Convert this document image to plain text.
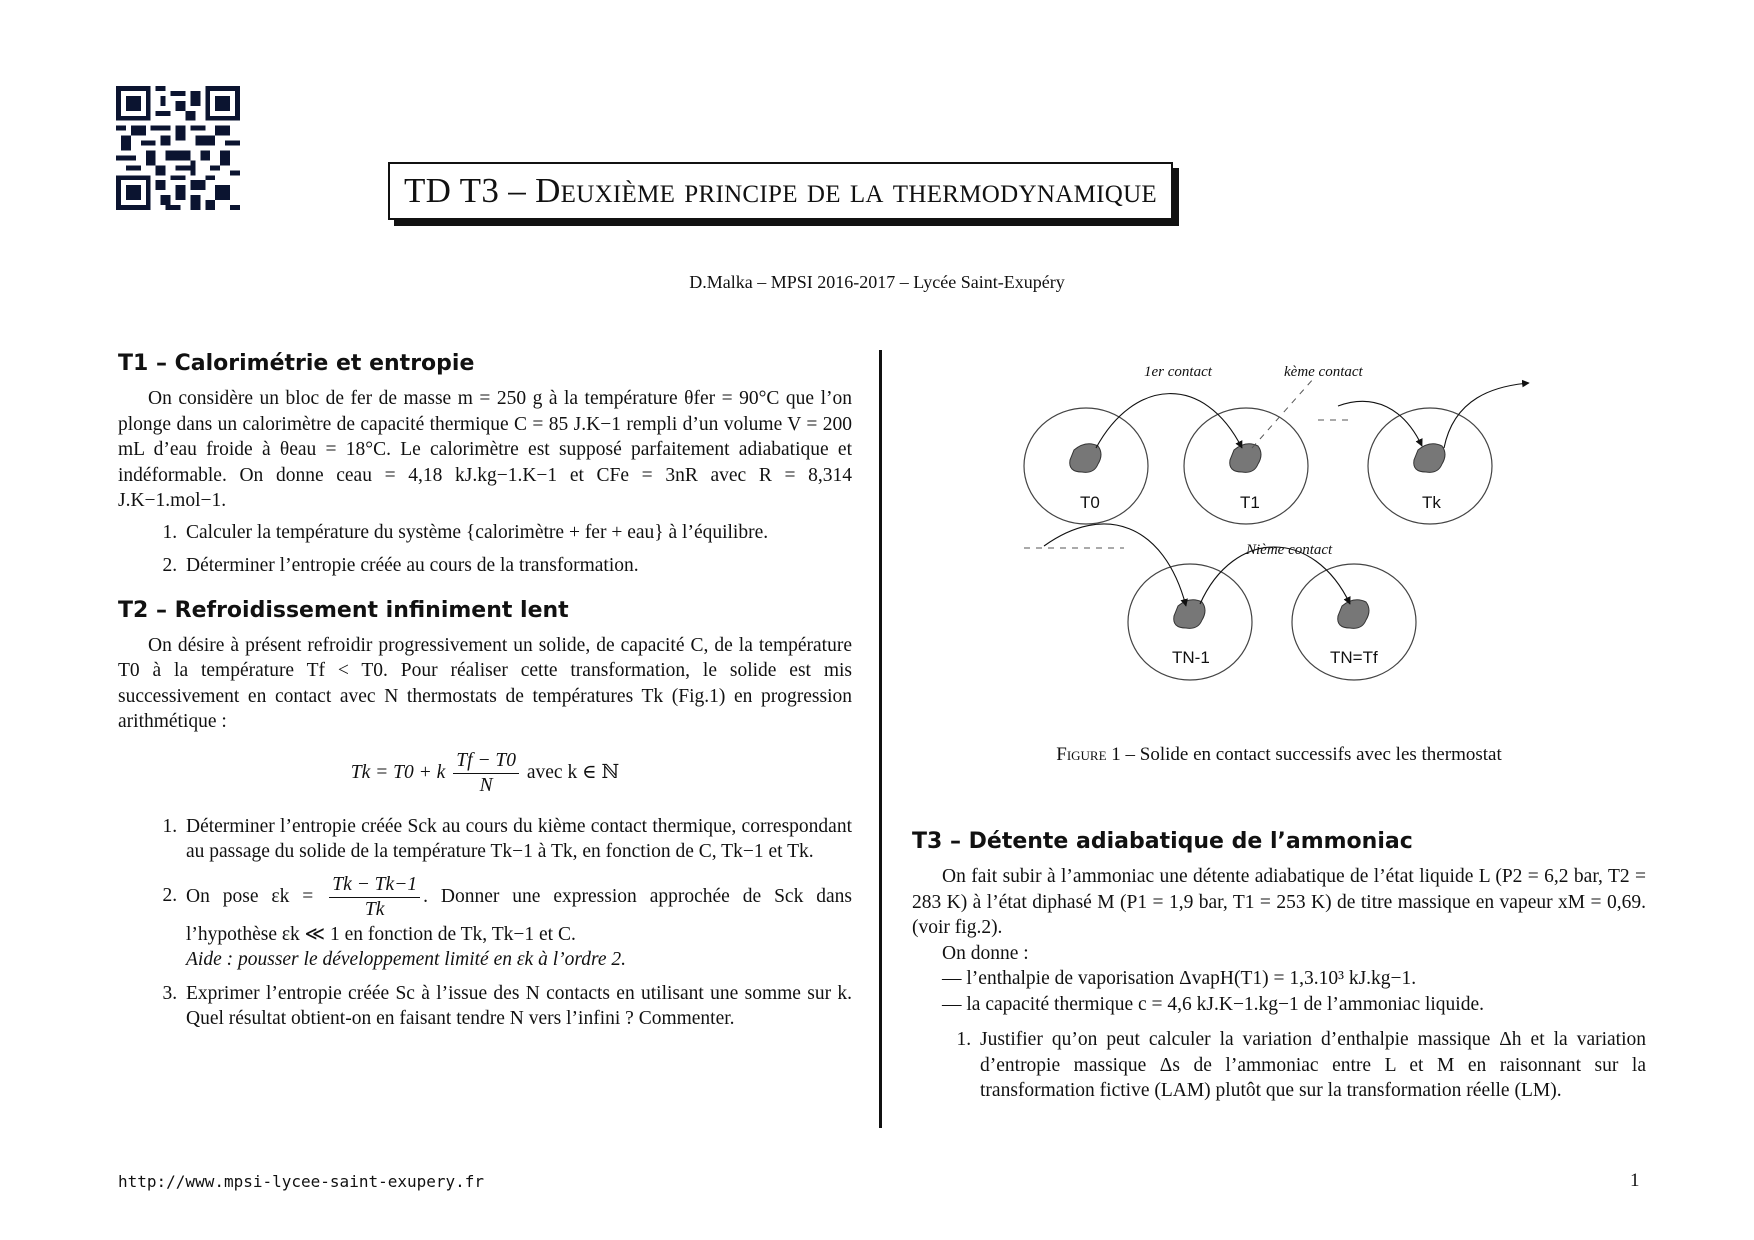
TD T3 – Deuxième principe de la thermodynamique
D.Malka – MPSI 2016-2017 – Lycée Saint-Exupéry
T1 – Calorimétrie et entropie

On considère un bloc de fer de masse m = 250 g à la température θfer = 90°C que l’on plonge dans un calorimètre de capacité thermique C = 85 J.K−1 rempli d’un volume V = 200 mL d’eau froide à θeau = 18°C. Le calorimètre est supposé parfaitement adiabatique et indéformable. On donne ceau = 4,18 kJ.kg−1.K−1 et CFe = 3nR avec R = 8,314 J.K−1.mol−1.

1. Calculer la température du système {calorimètre + fer + eau} à l’équilibre.
2. Déterminer l’entropie créée au cours de la transformation.
T2 – Refroidissement infiniment lent

On désire à présent refroidir progressivement un solide, de capacité C, de la température T0 à la température Tf < T0. Pour réaliser cette transformation, le solide est mis successivement en contact avec N thermostats de températures Tk (Fig.1) en progression arithmétique :

Tk = T0 + k $\frac{Tf - T0}{N}$ avec k ∈ ℕ
1. Déterminer l’entropie créée Sck au cours du kième contact thermique, correspondant au passage du solide de la température Tk−1 à Tk, en fonction de C, Tk−1 et Tk.
2. On pose $\varepsilon k = \frac{Tk - Tk-1}{Tk}$ . Donner une expression approchée de Sck dans l’hypothèse εk ≪ 1 en fonction de Tk, Tk−1 et C.
Aide : pousser le développement limité en εk à l’ordre 2.
3. Exprimer l’entropie créée Sc à l’issue des N contacts en utilisant une somme sur k. Quel résultat obtient-on en faisant tendre N vers l’infini ? Commenter.
1er contact	kème contact
Nième contact
T0	T1	Tk
TN-1	TN=Tf
Figure 1 – Solide en contact successifs avec les thermostat
T3 – Détente adiabatique de l’ammoniac

On fait subir à l’ammoniac une détente adiabatique de l’état liquide L (P2 = 6,2 bar, T2 = 283 K) à l’état diphasé M (P1 = 1,9 bar, T1 = 253 K) de titre massique en vapeur xM = 0,69. (voir fig.2).

On donne :

— l’enthalpie de vaporisation ΔvapH(T1) = 1,3.10³ kJ.kg−1.
— la capacité thermique c = 4,6 kJ.K−1.kg−1 de l’ammoniac liquide.
1. Justifier qu’on peut calculer la variation d’enthalpie massique Δh et la variation d’entropie massique Δs de l’ammoniac entre L et M en raisonnant sur la transformation fictive (LAM) plutôt que sur la transformation réelle (LM).
http://www.mpsi-lycee-saint-exupery.fr	1
